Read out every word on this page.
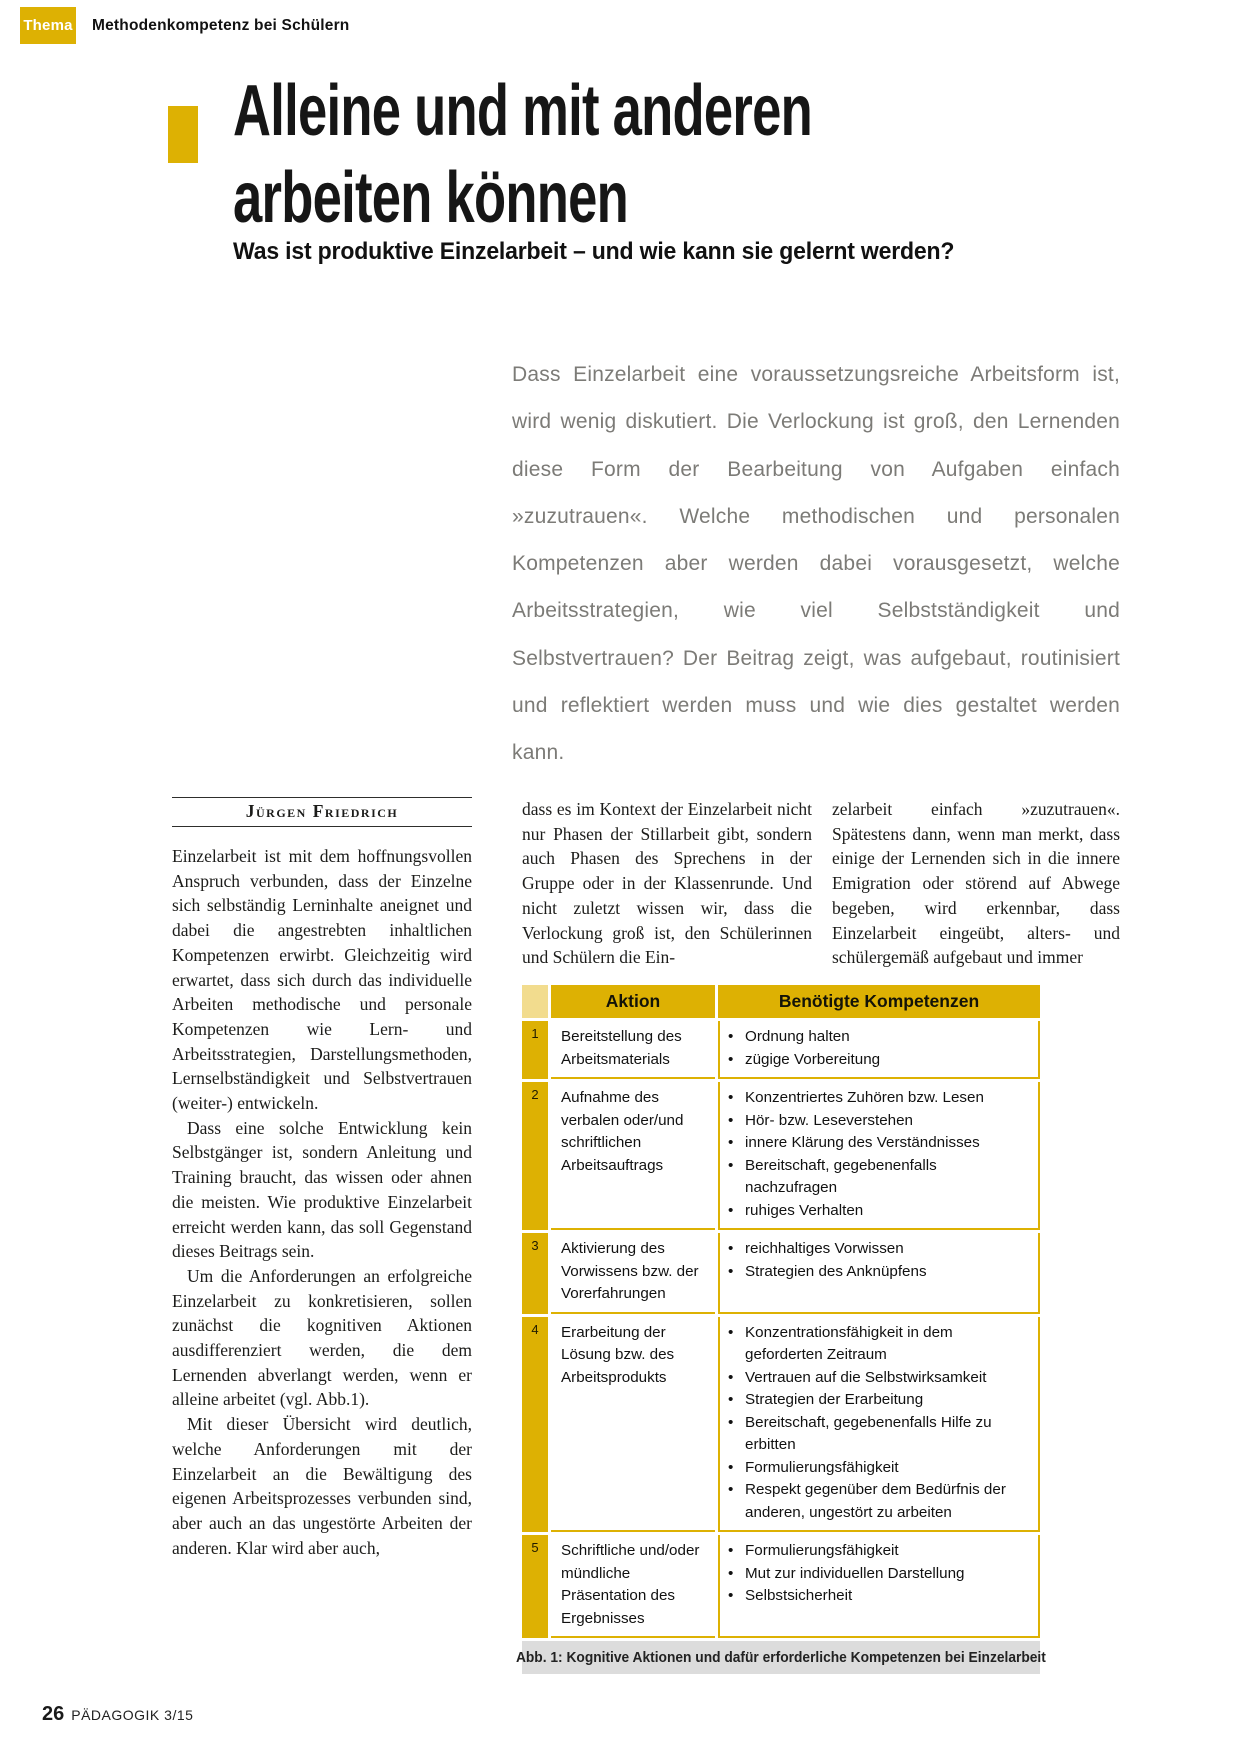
Thema Methodenkompetenz bei Schülern
Alleine und mit anderen
arbeiten können
Was ist produktive Einzelarbeit – und wie kann sie gelernt werden?

Dass Einzelarbeit eine voraussetzungsreiche Arbeitsform ist, wird wenig diskutiert. Die Verlockung ist groß, den Lernenden diese Form der Bearbeitung von Aufgaben einfach »zuzutrauen«. Welche methodischen und personalen Kompetenzen aber werden dabei vorausgesetzt, welche Arbeitsstrategien, wie viel Selbstständigkeit und Selbstvertrauen? Der Beitrag zeigt, was aufgebaut, routinisiert und reflektiert werden muss und wie dies gestaltet werden kann.

Jürgen Friedrich

Einzelarbeit ist mit dem hoffnungsvollen Anspruch verbunden, dass der Einzelne sich selbständig Lerninhalte aneignet und dabei die angestrebten inhaltlichen Kompetenzen erwirbt. Gleichzeitig wird erwartet, dass sich durch das individuelle Arbeiten methodische und personale Kompetenzen wie Lern- und Arbeitsstrategien, Darstellungsmethoden, Lernselbständigkeit und Selbstvertrauen (weiter-) entwickeln.

Dass eine solche Entwicklung kein Selbstgänger ist, sondern Anleitung und Training braucht, das wissen oder ahnen die meisten. Wie produktive Einzelarbeit erreicht werden kann, das soll Gegenstand dieses Beitrags sein.

Um die Anforderungen an erfolgreiche Einzelarbeit zu konkretisieren, sollen zunächst die kognitiven Aktionen ausdifferenziert werden, die dem Lernenden abverlangt werden, wenn er alleine arbeitet (vgl. Abb.1).

Mit dieser Übersicht wird deutlich, welche Anforderungen mit der Einzelarbeit an die Bewältigung des eigenen Arbeitsprozesses verbunden sind, aber auch an das ungestörte Arbeiten der anderen. Klar wird aber auch,

dass es im Kontext der Einzelarbeit nicht nur Phasen der Stillarbeit gibt, sondern auch Phasen des Sprechens in der Gruppe oder in der Klassenrunde. Und nicht zuletzt wissen wir, dass die Verlockung groß ist, den Schülerinnen und Schülern die Ein-
zelarbeit einfach »zuzutrauen«. Spätestens dann, wenn man merkt, dass einige der Lernenden sich in die innere Emigration oder störend auf Abwege begeben, wird erkennbar, dass Einzelarbeit eingeübt, alters- und schülergemäß aufgebaut und immer
Aktion	Benötigte Kompetenzen
1	Bereitstellung des Arbeitsmaterials
• Ordnung halten
• zügige Vorbereitung
2	Aufnahme des verbalen oder/und schriftlichen Arbeitsauftrags
• Konzentriertes Zuhören bzw. Lesen
• Hör- bzw. Leseverstehen
• innere Klärung des Verständnisses
• Bereitschaft, gegebenenfalls nachzufragen
• ruhiges Verhalten
3	Aktivierung des Vorwissens bzw. der Vorerfahrungen
• reichhaltiges Vorwissen
• Strategien des Anknüpfens
4	Erarbeitung der Lösung bzw. des Arbeitsprodukts
• Konzentrationsfähigkeit in dem geforderten Zeitraum
• Vertrauen auf die Selbstwirksamkeit
• Strategien der Erarbeitung
• Bereitschaft, gegebenenfalls Hilfe zu erbitten
• Formulierungsfähigkeit
• Respekt gegenüber dem Bedürfnis der anderen, ungestört zu arbeiten
5	Schriftliche und/oder mündliche Präsentation des Ergebnisses
• Formulierungsfähigkeit
• Mut zur individuellen Darstellung
• Selbstsicherheit
Abb. 1: Kognitive Aktionen und dafür erforderliche Kompetenzen bei Einzelarbeit
26 PÄDAGOGIK 3/15
